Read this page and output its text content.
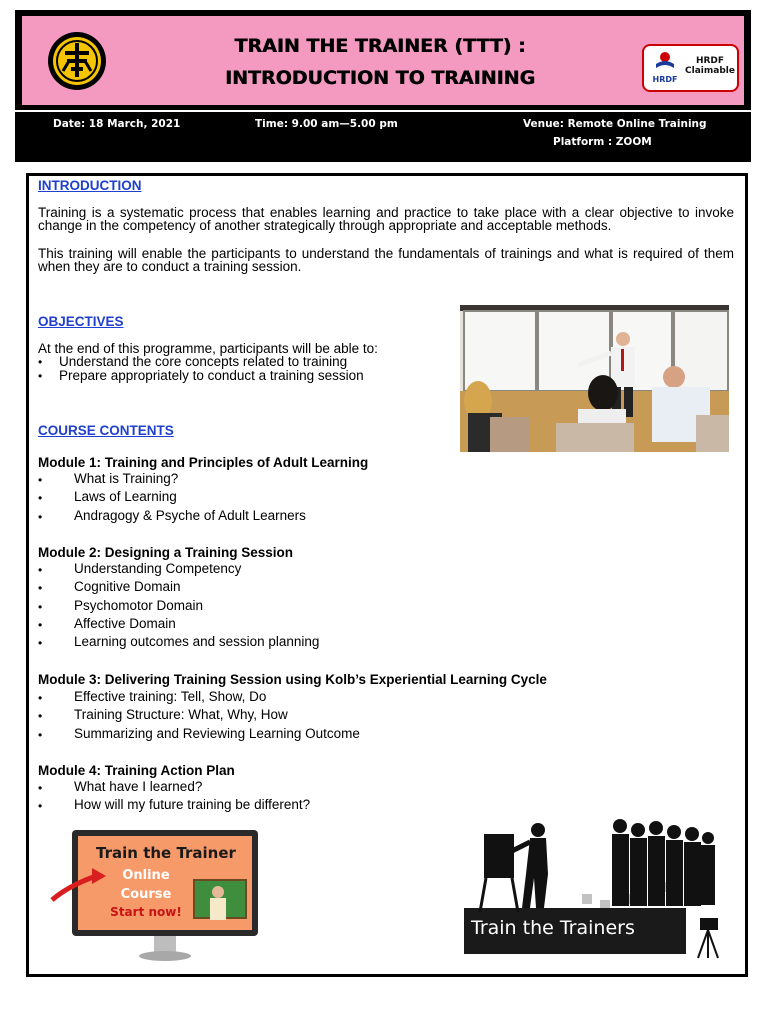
TRAIN THE TRAINER (TTT) :
INTRODUCTION TO TRAINING	HRDF
HRDF
Claimable
Date: 18 March, 2021	Time: 9.00 am—5.00 pm	Venue: Remote Online Training
Platform : ZOOM
INTRODUCTION
Training is a systematic process that enables learning and practice to take place with a clear objective to invoke change in the competency of another strategically through appropriate and acceptable methods.
This training will enable the participants to understand the fundamentals of trainings and what is required of them when they are to conduct a training session.
OBJECTIVES
At the end of this programme, participants will be able to:
• Understand the core concepts related to training
• Prepare appropriately to conduct a training session
COURSE CONTENTS
Module 1: Training and Principles of Adult Learning
• What is Training?
• Laws of Learning
• Andragogy & Psyche of Adult Learners
Module 2: Designing a Training Session
• Understanding Competency
• Cognitive Domain
• Psychomotor Domain
• Affective Domain
• Learning outcomes and session planning
Module 3: Delivering Training Session using Kolb’s Experiential Learning Cycle
• Effective training: Tell, Show, Do
• Training Structure: What, Why, How
• Summarizing and Reviewing Learning Outcome
Module 4: Training Action Plan
• What have I learned?
• How will my future training be different?
Train the Trainer
Online
Course
Start now!
Train the Trainers
